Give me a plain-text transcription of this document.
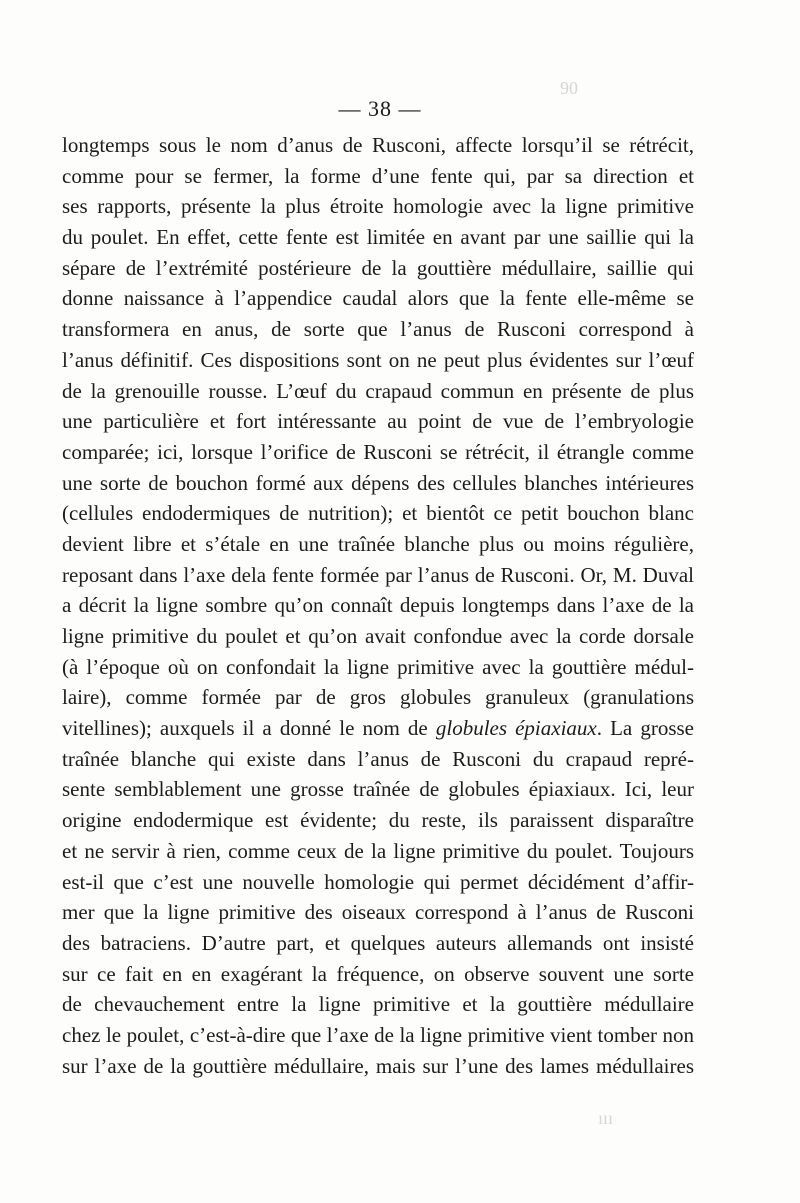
90
ııı
— 38 —
longtemps sous le nom d’anus de Rusconi, affecte lorsqu’il se rétrécit,
comme pour se fermer, la forme d’une fente qui, par sa direction et
ses rapports, présente la plus étroite homologie avec la ligne primitive
du poulet. En effet, cette fente est limitée en avant par une saillie qui la
sépare de l’extrémité postérieure de la gouttière médullaire, saillie qui
donne naissance à l’appendice caudal alors que la fente elle-même se
transformera en anus, de sorte que l’anus de Rusconi correspond à
l’anus définitif. Ces dispositions sont on ne peut plus évidentes sur l’œuf
de la grenouille rousse. L’œuf du crapaud commun en présente de plus
une particulière et fort intéressante au point de vue de l’embryologie
comparée; ici, lorsque l’orifice de Rusconi se rétrécit, il étrangle comme
une sorte de bouchon formé aux dépens des cellules blanches intérieures
(cellules endodermiques de nutrition); et bientôt ce petit bouchon blanc
devient libre et s’étale en une traînée blanche plus ou moins régulière,
reposant dans l’axe dela fente formée par l’anus de Rusconi. Or, M. Duval
a décrit la ligne sombre qu’on connaît depuis longtemps dans l’axe de la
ligne primitive du poulet et qu’on avait confondue avec la corde dorsale
(à l’époque où on confondait la ligne primitive avec la gouttière médul-
laire), comme formée par de gros globules granuleux (granulations
vitellines); auxquels il a donné le nom de globules épiaxiaux. La grosse
traînée blanche qui existe dans l’anus de Rusconi du crapaud repré-
sente semblablement une grosse traînée de globules épiaxiaux. Ici, leur
origine endodermique est évidente; du reste, ils paraissent disparaître
et ne servir à rien, comme ceux de la ligne primitive du poulet. Toujours
est-il que c’est une nouvelle homologie qui permet décidément d’affir-
mer que la ligne primitive des oiseaux correspond à l’anus de Rusconi
des batraciens. D’autre part, et quelques auteurs allemands ont insisté
sur ce fait en en exagérant la fréquence, on observe souvent une sorte
de chevauchement entre la ligne primitive et la gouttière médullaire
chez le poulet, c’est-à-dire que l’axe de la ligne primitive vient tomber non
sur l’axe de la gouttière médullaire, mais sur l’une des lames médullaires
